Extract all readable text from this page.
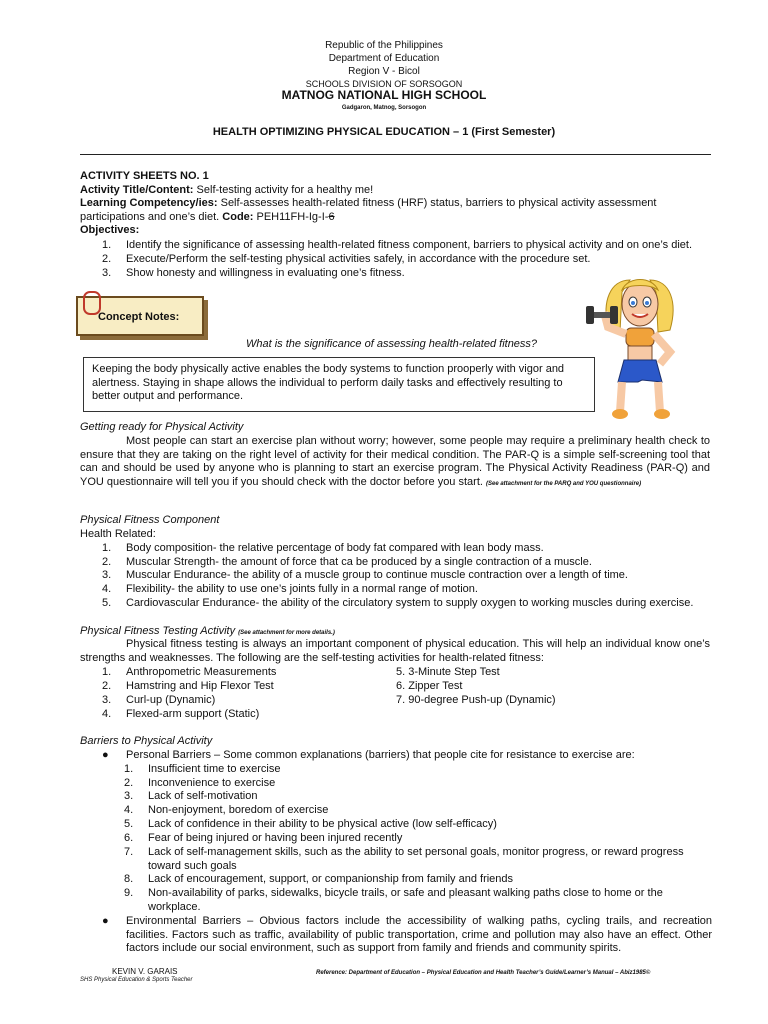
Republic of the Philippines
Department of Education
Region V - Bicol
SCHOOLS DIVISION OF SORSOGON
MATNOG NATIONAL HIGH SCHOOL
Gadgaron, Matnog, Sorsogon
HEALTH OPTIMIZING PHYSICAL EDUCATION – 1 (First Semester)
ACTIVITY SHEETS NO. 1
Activity Title/Content: Self-testing activity for a healthy me!
Learning Competency/ies: Self-assesses health-related fitness (HRF) status, barriers to physical activity assessment participations and one’s diet. Code: PEH11FH-Ig-I-6
Objectives:
1. Identify the significance of assessing health-related fitness component, barriers to physical activity and on one’s diet.
2. Execute/Perform the self-testing physical activities safely, in accordance with the procedure set.
3. Show honesty and willingness in evaluating one’s fitness.
Concept Notes:
What is the significance of assessing health-related fitness?
Keeping the body physically active enables the body systems to function prooperly with vigor and alertness. Staying in shape allows the individual to perform daily tasks and effectively resulting to better output and performance.
Getting ready for Physical Activity
Most people can start an exercise plan without worry; however, some people may require a preliminary health check to ensure that they are taking on the right level of activity for their medical condition. The PAR-Q is a simple self-screening tool that can and should be used by anyone who is planning to start an exercise program. The Physical Activity Readiness (PAR-Q) and YOU questionnaire will tell you if you should check with the doctor before you start. (See attachment for the PARQ and YOU questionnaire)
Physical Fitness Component
Health Related:
1. Body composition- the relative percentage of body fat compared with lean body mass.
2. Muscular Strength- the amount of force that ca be produced by a single contraction of a muscle.
3. Muscular Endurance- the ability of a muscle group to continue muscle contraction over a length of time.
4. Flexibility- the ability to use one’s joints fully in a normal range of motion.
5. Cardiovascular Endurance- the ability of the circulatory system to supply oxygen to working muscles during exercise.
Physical Fitness Testing Activity (See attachment for more details.)
Physical fitness testing is always an important component of physical education. This will help an individual know one’s strengths and weaknesses. The following are the self-testing activities for health-related fitness:
1. Anthropometric Measurements
2. Hamstring and Hip Flexor Test
3. Curl-up (Dynamic)
4. Flexed-arm support (Static)
5. 3-Minute Step Test
6. Zipper Test
7. 90-degree Push-up (Dynamic)
Barriers to Physical Activity
● Personal Barriers – Some common explanations (barriers) that people cite for resistance to exercise are:
1. Insufficient time to exercise
2. Inconvenience to exercise
3. Lack of self-motivation
4. Non-enjoyment, boredom of exercise
5. Lack of confidence in their ability to be physical active (low self-efficacy)
6. Fear of being injured or having been injured recently
7.	Lack of self-management skills, such as the ability to set personal goals, monitor progress, or reward progress toward such goals
8. Lack of encouragement, support, or companionship from family and friends
9.	Non-availability of parks, sidewalks, bicycle trails, or safe and pleasant walking paths close to home or the workplace.
●	Environmental Barriers – Obvious factors include the accessibility of walking paths, cycling trails, and recreation facilities. Factors such as traffic, availability of public transportation, crime and pollution may also have an effect. Other factors include our social environment, such as support from family and friends and community spirits.
KEVIN V. GARAIS
SHS Physical Education & Sports Teacher
Reference: Department of Education – Physical Education and Health Teacher’s Guide/Learner’s Manual – Abiz1985©
